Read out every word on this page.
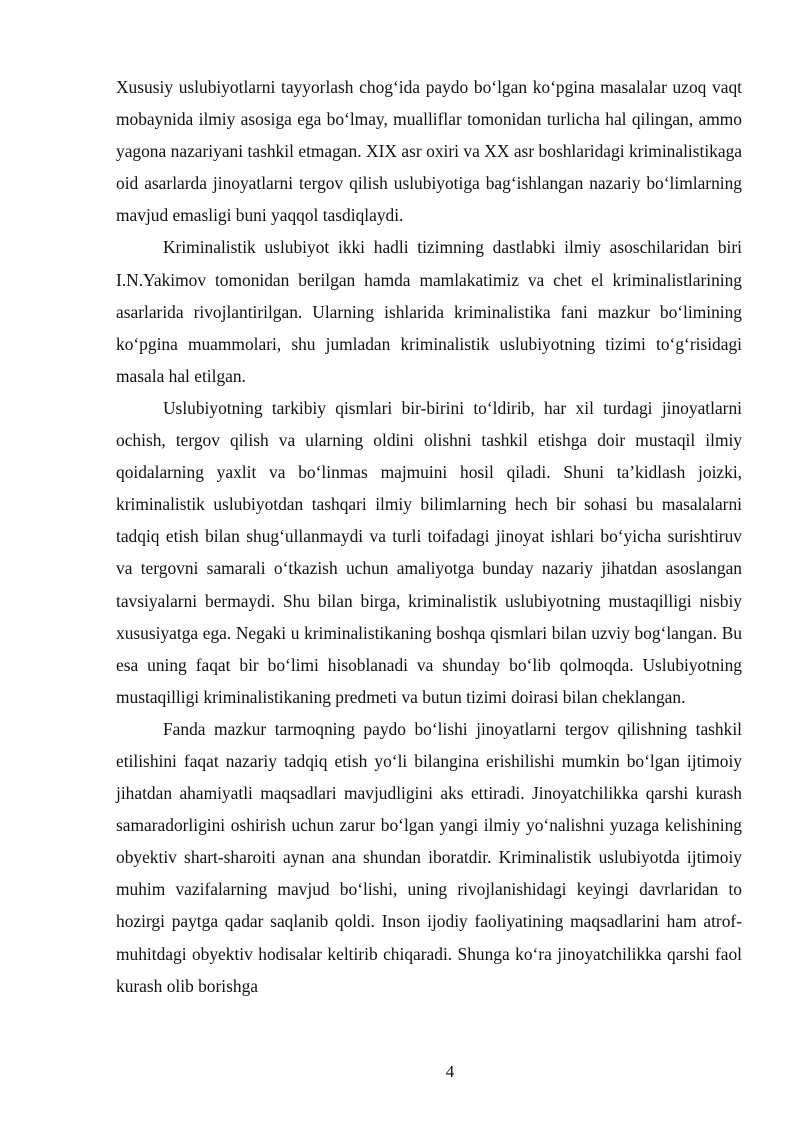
Xususiy uslubiyotlarni tayyorlash chog‘ida paydo bo‘lgan ko‘pgina masalalar uzoq vaqt mobaynida ilmiy asosiga ega bo‘lmay, mualliflar tomonidan turlicha hal qilingan, ammo yagona nazariyani tashkil etmagan. XIX asr oxiri va XX asr boshlaridagi kriminalistikaga oid asarlarda jinoyatlarni tergov qilish uslubiyotiga bag‘ishlangan nazariy bo‘limlarning mavjud emasligi buni yaqqol tasdiqlaydi.

Kriminalistik uslubiyot ikki hadli tizimning dastlabki ilmiy asoschilaridan biri I.N.Yakimov tomonidan berilgan hamda mamlakatimiz va chet el kriminalistlarining asarlarida rivojlantirilgan. Ularning ishlarida kriminalistika fani mazkur bo‘limining ko‘pgina muammolari, shu jumladan kriminalistik uslubiyotning tizimi to‘g‘risidagi masala hal etilgan.

Uslubiyotning tarkibiy qismlari bir-birini to‘ldirib, har xil turdagi jinoyatlarni ochish, tergov qilish va ularning oldini olishni tashkil etishga doir mustaqil ilmiy qoidalarning yaxlit va bo‘linmas majmuini hosil qiladi. Shuni ta’kidlash joizki, kriminalistik uslubiyotdan tashqari ilmiy bilimlarning hech bir sohasi bu masalalarni tadqiq etish bilan shug‘ullanmaydi va turli toifadagi jinoyat ishlari bo‘yicha surishtiruv va tergovni samarali o‘tkazish uchun amaliyotga bunday nazariy jihatdan asoslangan tavsiyalarni bermaydi. Shu bilan birga, kriminalistik uslubiyotning mustaqilligi nisbiy xususiyatga ega. Negaki u kriminalistikaning boshqa qismlari bilan uzviy bog‘langan. Bu esa uning faqat bir bo‘limi hisoblanadi va shunday bo‘lib qolmoqda. Uslubiyotning mustaqilligi kriminalistikaning predmeti va butun tizimi doirasi bilan cheklangan.

Fanda mazkur tarmoqning paydo bo‘lishi jinoyatlarni tergov qilishning tashkil etilishini faqat nazariy tadqiq etish yo‘li bilangina erishilishi mumkin bo‘lgan ijtimoiy jihatdan ahamiyatli maqsadlari mavjudligini aks ettiradi. Jinoyatchilikka qarshi kurash samaradorligini oshirish uchun zarur bo‘lgan yangi ilmiy yo‘nalishni yuzaga kelishining obyektiv shart-sharoiti aynan ana shundan iboratdir. Kriminalistik uslubiyotda ijtimoiy muhim vazifalarning mavjud bo‘lishi, uning rivojlanishidagi keyingi davrlaridan to hozirgi paytga qadar saqlanib qoldi. Inson ijodiy faoliyatining maqsadlarini ham atrof-muhitdagi obyektiv hodisalar keltirib chiqaradi. Shunga ko‘ra jinoyatchilikka qarshi faol kurash olib borishga

4
